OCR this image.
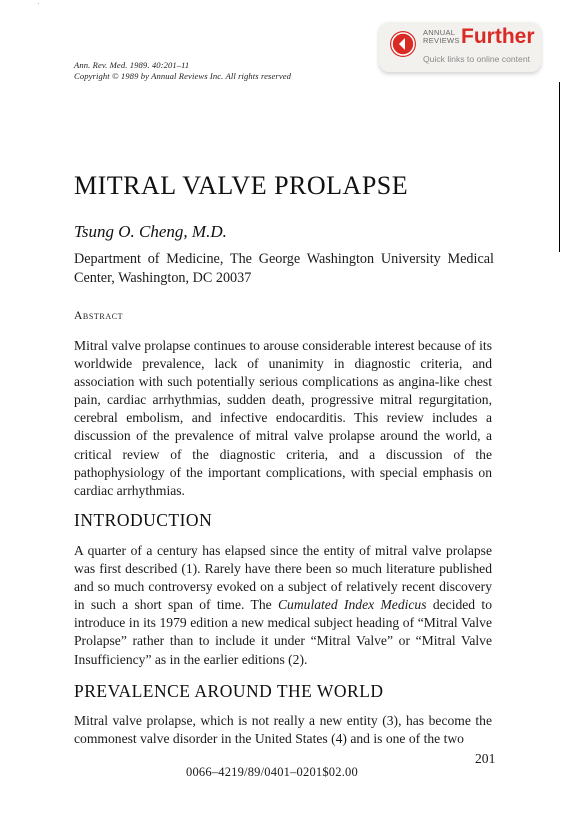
Ann. Rev. Med. 1989. 40:201–11
Copyright © 1989 by Annual Reviews Inc. All rights reserved
ANNUAL
REVIEWS Further
Quick links to online content
MITRAL VALVE PROLAPSE
Tsung O. Cheng, M.D.
Department of Medicine, The George Washington University Medical Center, Washington, DC 20037
Abstract
Mitral valve prolapse continues to arouse considerable interest because of its worldwide prevalence, lack of unanimity in diagnostic criteria, and association with such potentially serious complications as angina-like chest pain, cardiac arrhythmias, sudden death, progressive mitral regurgitation, cerebral embolism, and infective endocarditis. This review includes a discussion of the prevalence of mitral valve prolapse around the world, a critical review of the diagnostic criteria, and a discussion of the pathophysiology of the important complications, with special emphasis on cardiac arrhythmias.
INTRODUCTION
A quarter of a century has elapsed since the entity of mitral valve prolapse was first described (1). Rarely have there been so much literature published and so much controversy evoked on a subject of relatively recent discovery in such a short span of time. The Cumulated Index Medicus decided to introduce in its 1979 edition a new medical subject heading of “Mitral Valve Prolapse” rather than to include it under “Mitral Valve” or “Mitral Valve Insufficiency” as in the earlier editions (2).
PREVALENCE AROUND THE WORLD
Mitral valve prolapse, which is not really a new entity (3), has become the commonest valve disorder in the United States (4) and is one of the two
201
0066–4219/89/0401–0201$02.00
